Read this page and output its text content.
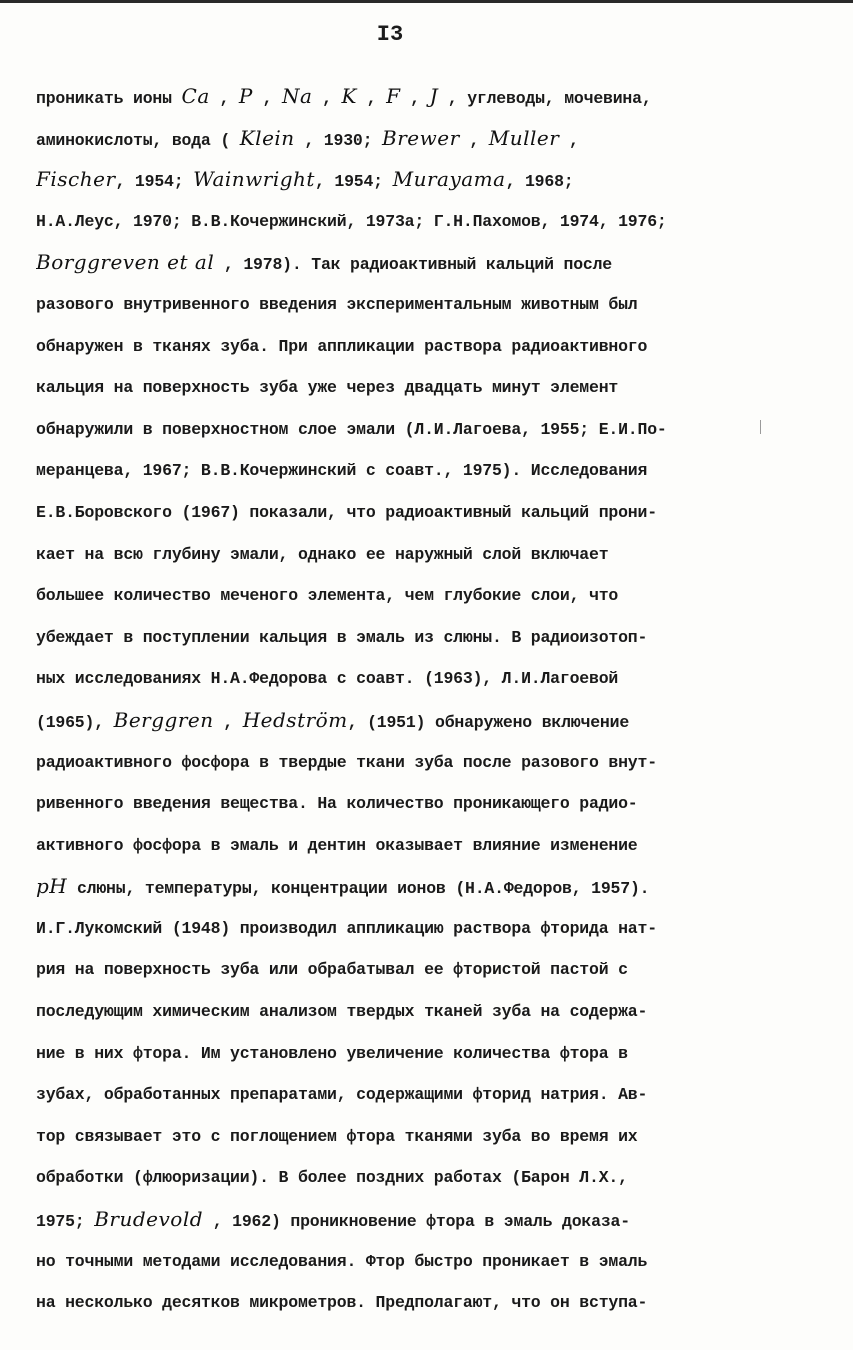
I3
проникать ионы Ca , P , Na , K , F , J , углеводы, мочевина,
аминокислоты, вода ( Klein , 1930; Brewer , Muller ,
Fischer, 1954; Wainwright, 1954; Murayama, 1968;
Н.А.Леус, 1970; В.В.Кочержинский, 1973а; Г.Н.Пахомов, 1974, 1976;
Borggreven et al , 1978). Так радиоактивный кальций после
разового внутривенного введения экспериментальным животным был
обнаружен в тканях зуба. При аппликации раствора радиоактивного
кальция на поверхность зуба уже через двадцать минут элемент
обнаружили в поверхностном слое эмали (Л.И.Лагоева, 1955; Е.И.По-
меранцева, 1967; В.В.Кочержинский с соавт., 1975). Исследования
Е.В.Боровского (1967) показали, что радиоактивный кальций прони-
кает на всю глубину эмали, однако ее наружный слой включает
большее количество меченого элемента, чем глубокие слои, что
убеждает в поступлении кальция в эмаль из слюны. В радиоизотоп-
ных исследованиях Н.А.Федорова с соавт. (1963), Л.И.Лагоевой
(1965), Berggren , Hedström, (1951) обнаружено включение
радиоактивного фосфора в твердые ткани зуба после разового внут-
ривенного введения вещества. На количество проникающего радио-
активного фосфора в эмаль и дентин оказывает влияние изменение
pH слюны, температуры, концентрации ионов (Н.А.Федоров, 1957).
И.Г.Лукомский (1948) производил аппликацию раствора фторида нат-
рия на поверхность зуба или обрабатывал ее фтористой пастой с
последующим химическим анализом твердых тканей зуба на содержа-
ние в них фтора. Им установлено увеличение количества фтора в
зубах, обработанных препаратами, содержащими фторид натрия. Ав-
тор связывает это с поглощением фтора тканями зуба во время их
обработки (флюоризации). В более поздних работах (Барон Л.Х.,
1975; Brudevold , 1962) проникновение фтора в эмаль доказа-
но точными методами исследования. Фтор быстро проникает в эмаль
на несколько десятков микрометров. Предполагают, что он вступа-
